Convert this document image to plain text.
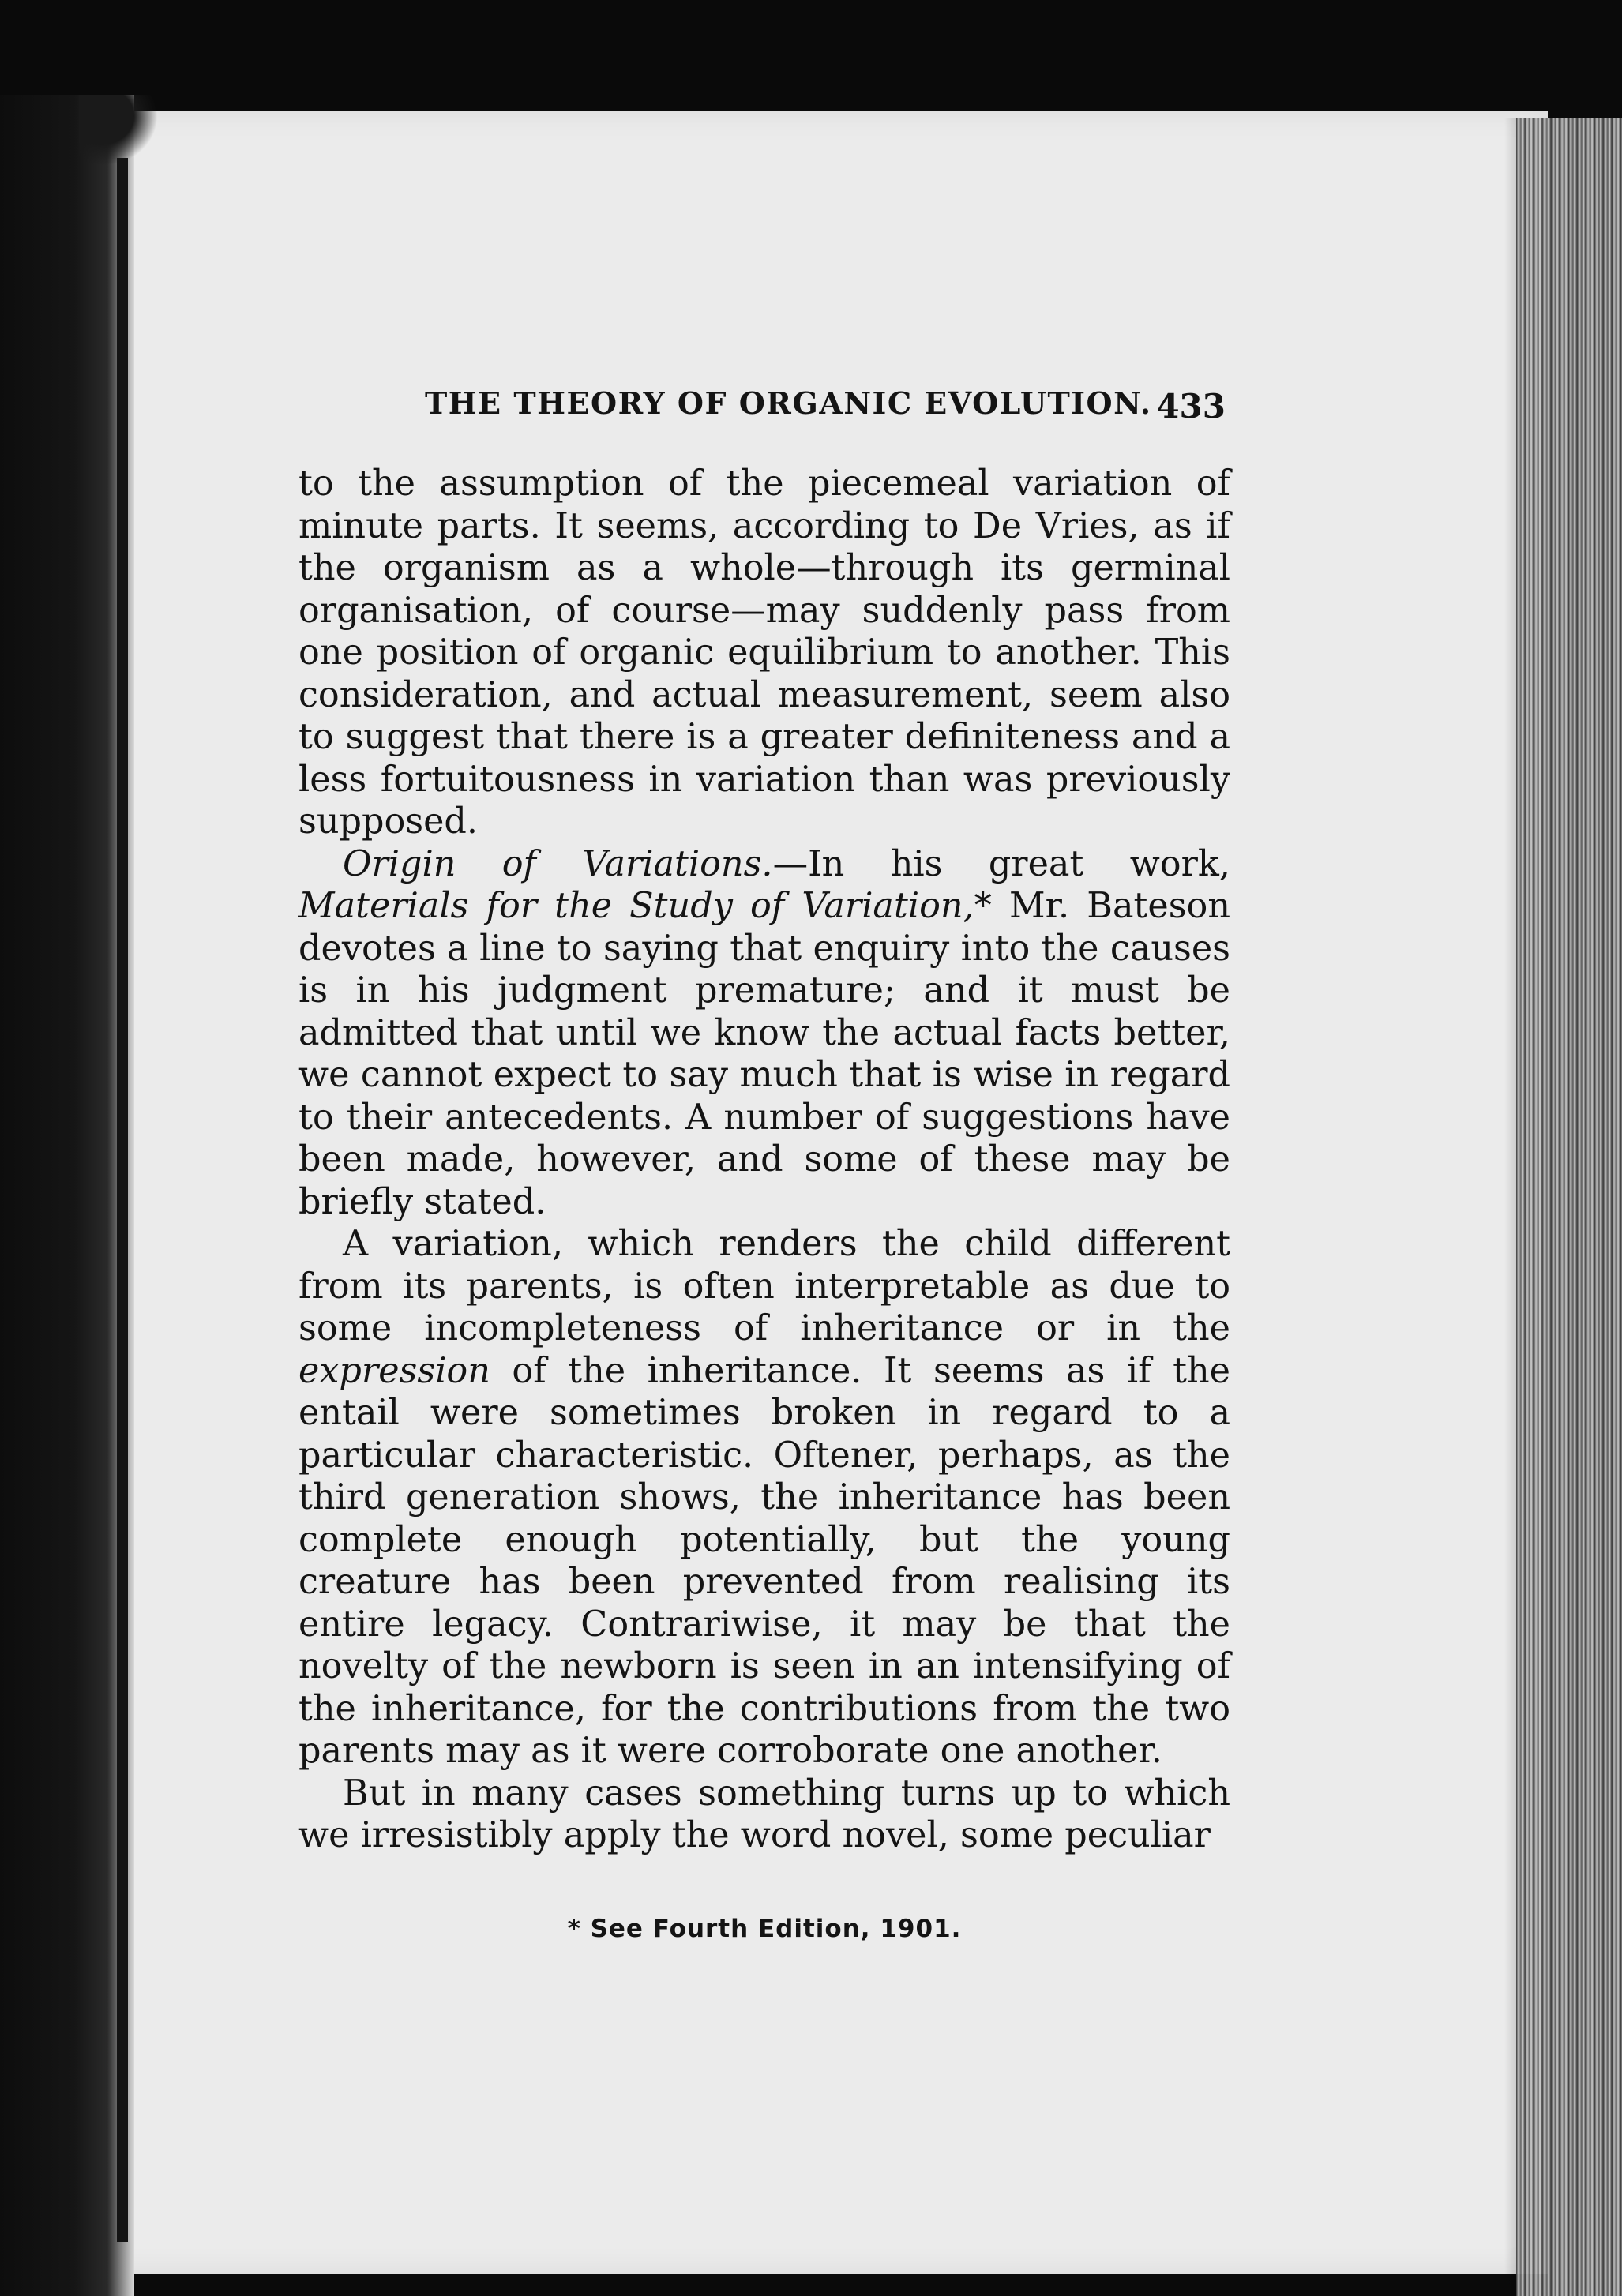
THE THEORY OF ORGANIC EVOLUTION. 433

to the assumption of the piecemeal variation of minute parts. It seems, according to De Vries, as if the organism as a whole—through its germinal organisation, of course—may suddenly pass from one position of organic equilibrium to another. This consideration, and actual measurement, seem also to suggest that there is a greater definiteness and a less fortuitousness in variation than was previously supposed.

Origin of Variations.—In his great work, Materials for the Study of Variation,* Mr. Bateson devotes a line to saying that enquiry into the causes is in his judgment premature; and it must be admitted that until we know the actual facts better, we cannot expect to say much that is wise in regard to their antecedents. A number of suggestions have been made, however, and some of these may be briefly stated.

A variation, which renders the child different from its parents, is often interpretable as due to some incompleteness of inheritance or in the expression of the inheritance. It seems as if the entail were sometimes broken in regard to a particular characteristic. Oftener, perhaps, as the third generation shows, the inheritance has been complete enough potentially, but the young creature has been prevented from realising its entire legacy. Contrariwise, it may be that the novelty of the newborn is seen in an intensifying of the inheritance, for the contributions from the two parents may as it were corroborate one another.

But in many cases something turns up to which we irresistibly apply the word novel, some peculiar

* See Fourth Edition, 1901.
